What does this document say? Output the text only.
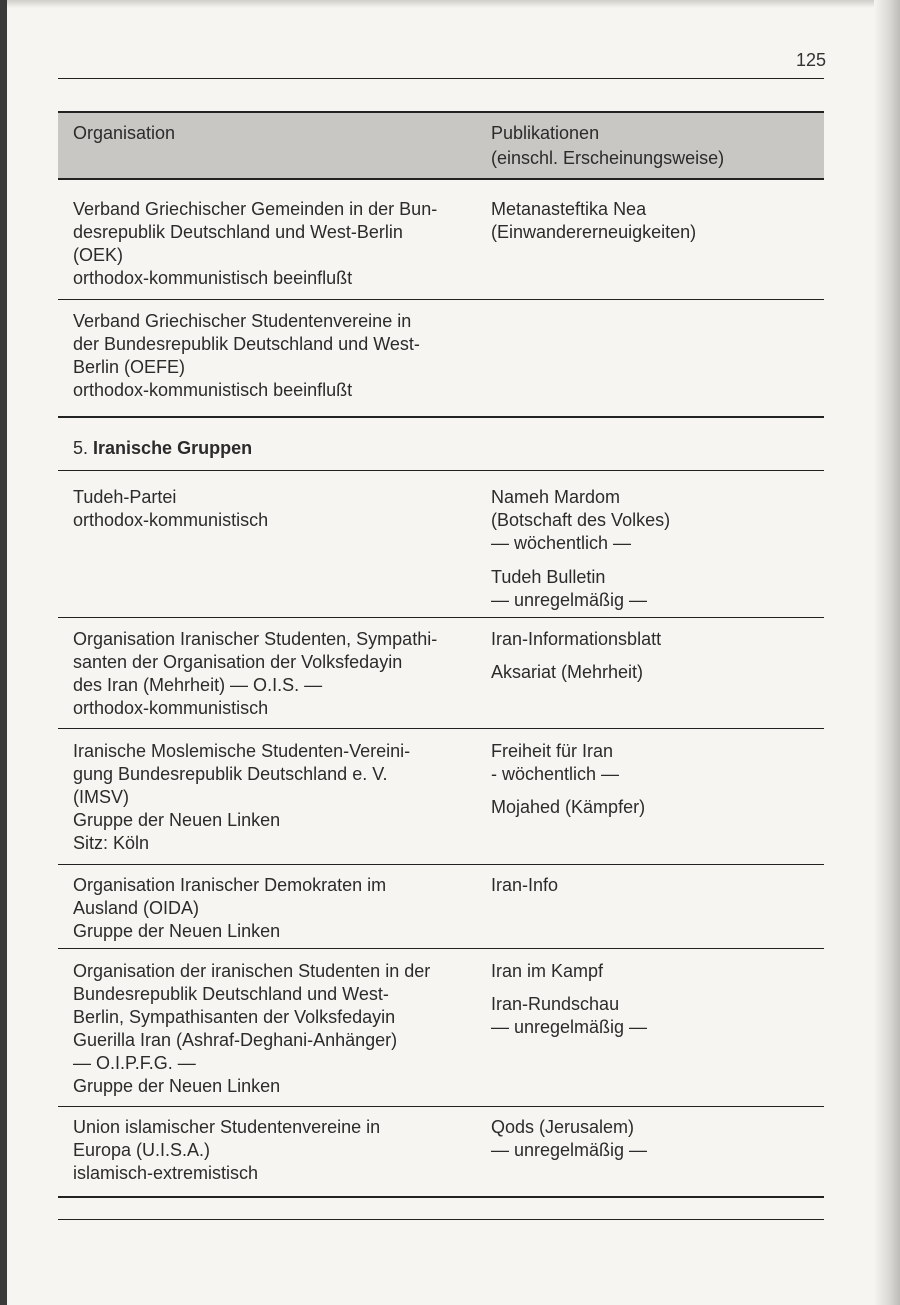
125
Organisation	Publikationen
(einschl. Erscheinungsweise)
Verband Griechischer Gemeinden in der Bun-
desrepublik Deutschland und West-Berlin
(OEK)
orthodox-kommunistisch beeinflußt
Metanasteftika Nea
(Einwandererneuigkeiten)
Verband Griechischer Studentenvereine in
der Bundesrepublik Deutschland und West-
Berlin (OEFE)
orthodox-kommunistisch beeinflußt
5. Iranische Gruppen
Tudeh-Partei
orthodox-kommunistisch
Nameh Mardom
(Botschaft des Volkes)
— wöchentlich —
Tudeh Bulletin
— unregelmäßig —
Organisation Iranischer Studenten, Sympathi-
santen der Organisation der Volksfedayin
des Iran (Mehrheit) — O.I.S. —
orthodox-kommunistisch
Iran-Informationsblatt
Aksariat (Mehrheit)
Iranische Moslemische Studenten-Vereini-
gung Bundesrepublik Deutschland e. V.
(IMSV)
Gruppe der Neuen Linken
Sitz: Köln
Freiheit für Iran
- wöchentlich —
Mojahed (Kämpfer)
Organisation Iranischer Demokraten im
Ausland (OIDA)
Gruppe der Neuen Linken
Iran-Info
Organisation der iranischen Studenten in der
Bundesrepublik Deutschland und West-
Berlin, Sympathisanten der Volksfedayin
Guerilla Iran (Ashraf-Deghani-Anhänger)
— O.I.P.F.G. —
Gruppe der Neuen Linken
Iran im Kampf
Iran-Rundschau
— unregelmäßig —
Union islamischer Studentenvereine in
Europa (U.I.S.A.)
islamisch-extremistisch
Qods (Jerusalem)
— unregelmäßig —
